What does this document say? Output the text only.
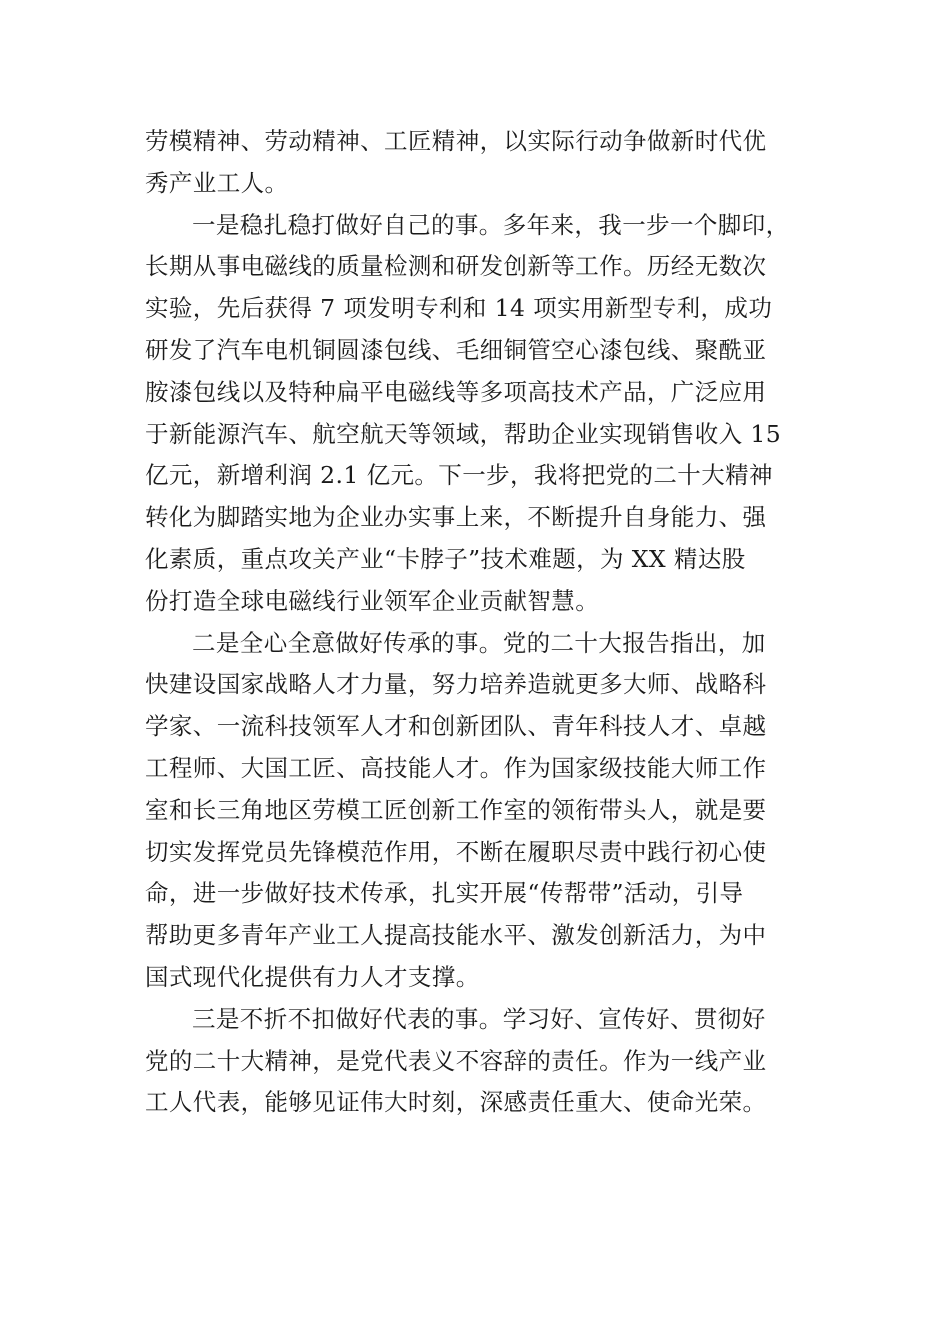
劳模精神、劳动精神、工匠精神，以实际行动争做新时代优
秀产业工人。

一是稳扎稳打做好自己的事。多年来，我一步一个脚印，
长期从事电磁线的质量检测和研发创新等工作。历经无数次
实验，先后获得 7 项发明专利和 14 项实用新型专利，成功
研发了汽车电机铜圆漆包线、毛细铜管空心漆包线、聚酰亚
胺漆包线以及特种扁平电磁线等多项高技术产品，广泛应用
于新能源汽车、航空航天等领域，帮助企业实现销售收入 15
亿元，新增利润 2.1 亿元。下一步，我将把党的二十大精神
转化为脚踏实地为企业办实事上来，不断提升自身能力、强
化素质，重点攻关产业“卡脖子”技术难题，为 XX 精达股
份打造全球电磁线行业领军企业贡献智慧。

二是全心全意做好传承的事。党的二十大报告指出，加
快建设国家战略人才力量，努力培养造就更多大师、战略科
学家、一流科技领军人才和创新团队、青年科技人才、卓越
工程师、大国工匠、高技能人才。作为国家级技能大师工作
室和长三角地区劳模工匠创新工作室的领衔带头人，就是要
切实发挥党员先锋模范作用，不断在履职尽责中践行初心使
命，进一步做好技术传承，扎实开展“传帮带”活动，引导
帮助更多青年产业工人提高技能水平、激发创新活力，为中
国式现代化提供有力人才支撑。

三是不折不扣做好代表的事。学习好、宣传好、贯彻好
党的二十大精神，是党代表义不容辞的责任。作为一线产业
工人代表，能够见证伟大时刻，深感责任重大、使命光荣。
